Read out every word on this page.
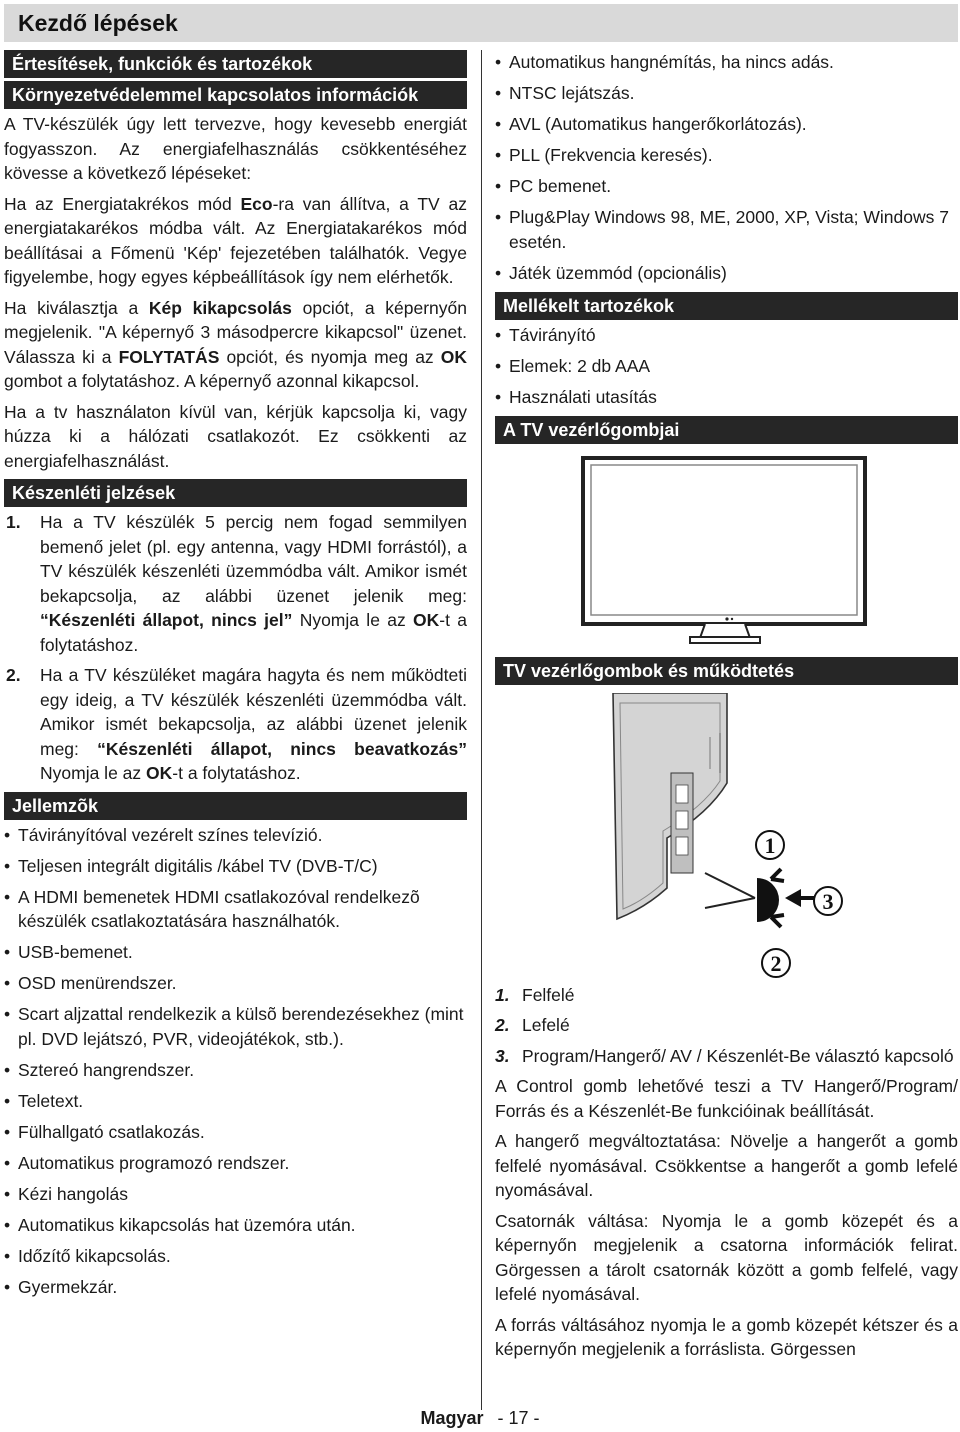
Kezdő lépések
Értesítések, funkciók és tartozékok
Környezetvédelemmel kapcsolatos információk

A TV-készülék úgy lett tervezve, hogy kevesebb energiát fogyasszon. Az energiafelhasználás csökkentéséhez kövesse a következő lépéseket:

Ha az Energiatakrékos mód Eco-ra van állítva, a TV az energiatakarékos módba vált. Az Energiatakarékos mód beállításai a Főmenü 'Kép' fejezetében találhatók. Vegye figyelembe, hogy egyes képbeállítások így nem elérhetők.

Ha kiválasztja a Kép kikapcsolás opciót, a képernyőn megjelenik. "A képernyő 3 másodpercre kikapcsol" üzenet. Válassza ki a FOLYTATÁS opciót, és nyomja meg az OK gombot a folytatáshoz. A képernyő azonnal kikapcsol.

Ha a tv használaton kívül van, kérjük kapcsolja ki, vagy húzza ki a hálózati csatlakozót. Ez csökkenti az energiafelhasználást.

Készenléti jelzések
1. Ha a TV készülék 5 percig nem fogad semmilyen bemenő jelet (pl. egy antenna, vagy HDMI forrástól), a TV készülék készenléti üzemmódba vált. Amikor ismét bekapcsolja, az alábbi üzenet jelenik meg: “Készenléti állapot, nincs jel” Nyomja le az OK-t a folytatáshoz.
2. Ha a TV készüléket magára hagyta és nem működteti egy ideig, a TV készülék készenléti üzemmódba vált. Amikor ismét bekapcsolja, az alábbi üzenet jelenik meg: “Készenléti állapot, nincs beavatkozás” Nyomja le az OK-t a folytatáshoz.
Jellemzõk
• Távirányítóval vezérelt színes televízió.
• Teljesen integrált digitális /kábel TV (DVB-T/C)
• A HDMI bemenetek HDMI csatlakozóval rendelkezõ készülék csatlakoztatására használhatók.
• USB-bemenet.
• OSD menürendszer.
• Scart aljzattal rendelkezik a külsõ berendezésekhez (mint pl. DVD lejátszó, PVR, videojátékok, stb.).
• Sztereó hangrendszer.
• Teletext.
• Fülhallgató csatlakozás.
• Automatikus programozó rendszer.
• Kézi hangolás
• Automatikus kikapcsolás hat üzemóra után.
• Időzítő kikapcsolás.
• Gyermekzár.
• Automatikus hangnémítás, ha nincs adás.
• NTSC lejátszás.
• AVL (Automatikus hangerőkorlátozás).
• PLL (Frekvencia keresés).
• PC bemenet.
• Plug&Play Windows 98, ME, 2000, XP, Vista; Windows 7 esetén.
• Játék üzemmód (opcionális)
Mellékelt tartozékok
• Távirányító
• Elemek: 2 db AAA
• Használati utasítás
A TV vezérlőgombjai
TV vezérlőgombok és működtetés
1
3
2
1. Felfelé
2. Lefelé
3. Program/Hangerő/ AV / Készenlét-Be választó kapcsoló

A Control gomb lehetővé teszi a TV Hangerő/Program/ Forrás és a Készenlét-Be funkcióinak beállítását.

A hangerő megváltoztatása: Növelje a hangerőt a gomb felfelé nyomásával. Csökkentse a hangerőt a gomb lefelé nyomásával.

Csatornák váltása: Nyomja le a gomb közepét és a képernyőn megjelenik a csatorna információk felirat. Görgessen a tárolt csatornák között a gomb felfelé, vagy lefelé nyomásával.

A forrás váltásához nyomja le a gomb közepét kétszer és a képernyőn megjelenik a forráslista. Görgessen

Magyar - 17 -
